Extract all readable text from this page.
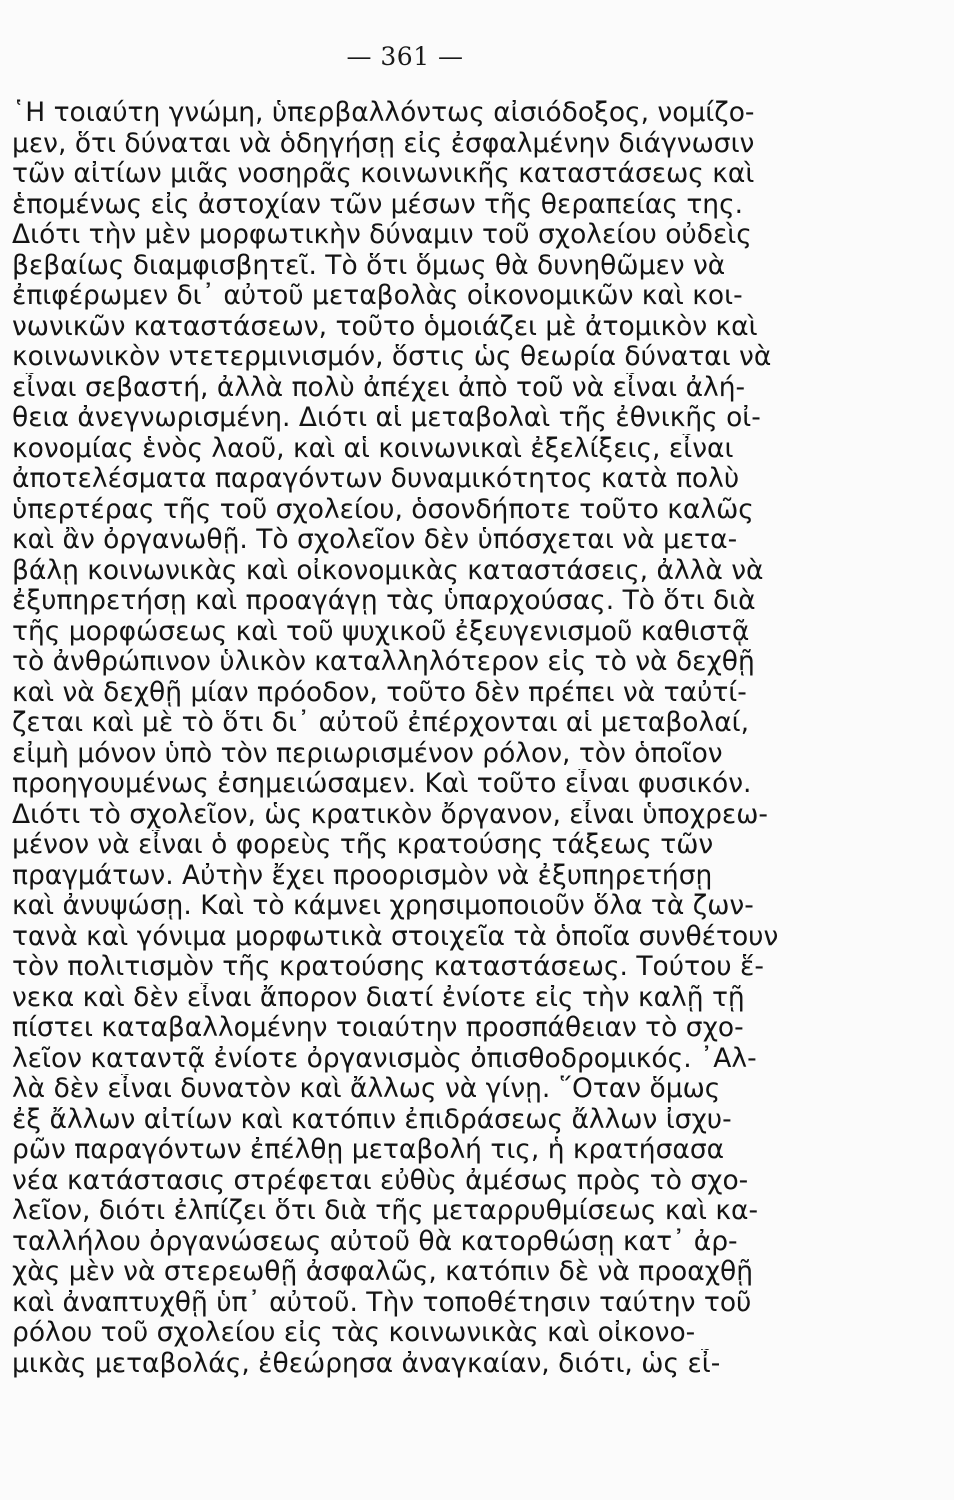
— 361 —
῾Η τοιαύτη γνώμη, ὑπερβαλλόντως αἰσιόδοξος, νομίζο-
μεν, ὅτι δύναται νὰ ὁδηγήσῃ εἰς ἐσφαλμένην διάγνωσιν
τῶν αἰτίων μιᾶς νοσηρᾶς κοινωνικῆς καταστάσεως καὶ
ἑπομένως εἰς ἀστοχίαν τῶν μέσων τῆς θεραπείας της.
Διότι τὴν μὲν μορφωτικὴν δύναμιν τοῦ σχολείου οὐδεὶς
βεβαίως διαμφισβητεῖ. Τὸ ὅτι ὅμως θὰ δυνηθῶμεν νὰ
ἐπιφέρωμεν δι᾽ αὐτοῦ μεταβολὰς οἰκονομικῶν καὶ κοι-
νωνικῶν καταστάσεων, τοῦτο ὁμοιάζει μὲ ἀτομικὸν καὶ
κοινωνικὸν ντετερμινισμόν, ὅστις ὡς θεωρία δύναται νὰ
εἶναι σεβαστή, ἀλλὰ πολὺ ἀπέχει ἀπὸ τοῦ νὰ εἶναι ἀλή-
θεια ἀνεγνωρισμένη. Διότι αἱ μεταβολαὶ τῆς ἐθνικῆς οἰ-
κονομίας ἑνὸς λαοῦ, καὶ αἱ κοινωνικαὶ ἐξελίξεις, εἶναι
ἀποτελέσματα παραγόντων δυναμικότητος κατὰ πολὺ
ὑπερτέρας τῆς τοῦ σχολείου, ὁσονδήποτε τοῦτο καλῶς
καὶ ἂν ὀργανωθῇ. Τὸ σχολεῖον δὲν ὑπόσχεται νὰ μετα-
βάλῃ κοινωνικὰς καὶ οἰκονομικὰς καταστάσεις, ἀλλὰ νὰ
ἐξυπηρετήσῃ καὶ προαγάγῃ τὰς ὑπαρχούσας. Τὸ ὅτι διὰ
τῆς μορφώσεως καὶ τοῦ ψυχικοῦ ἐξευγενισμοῦ καθιστᾷ
τὸ ἀνθρώπινον ὑλικὸν καταλληλότερον εἰς τὸ νὰ δεχθῇ
καὶ νὰ δεχθῇ μίαν πρόοδον, τοῦτο δὲν πρέπει νὰ ταὐτί-
ζεται καὶ μὲ τὸ ὅτι δι᾽ αὐτοῦ ἐπέρχονται αἱ μεταβολαί,
εἰμὴ μόνον ὑπὸ τὸν περιωρισμένον ρόλον, τὸν ὁποῖον
προηγουμένως ἐσημειώσαμεν. Καὶ τοῦτο εἶναι φυσικόν.
Διότι τὸ σχολεῖον, ὡς κρατικὸν ὄργανον, εἶναι ὑποχρεω-
μένον νὰ εἶναι ὁ φορεὺς τῆς κρατούσης τάξεως τῶν
πραγμάτων. Αὐτὴν ἔχει προορισμὸν νὰ ἐξυπηρετήσῃ
καὶ ἀνυψώσῃ. Καὶ τὸ κάμνει χρησιμοποιοῦν ὅλα τὰ ζων-
τανὰ καὶ γόνιμα μορφωτικὰ στοιχεῖα τὰ ὁποῖα συνθέτουν
τὸν πολιτισμὸν τῆς κρατούσης καταστάσεως. Τούτου ἕ-
νεκα καὶ δὲν εἶναι ἄπορον διατί ἐνίοτε εἰς τὴν καλῇ τῇ
πίστει καταβαλλομένην τοιαύτην προσπάθειαν τὸ σχο-
λεῖον καταντᾷ ἐνίοτε ὀργανισμὸς ὀπισθοδρομικός. ᾽Αλ-
λὰ δὲν εἶναι δυνατὸν καὶ ἄλλως νὰ γίνῃ. ῞Οταν ὅμως
ἐξ ἄλλων αἰτίων καὶ κατόπιν ἐπιδράσεως ἄλλων ἰσχυ-
ρῶν παραγόντων ἐπέλθῃ μεταβολή τις, ἡ κρατήσασα
νέα κατάστασις στρέφεται εὐθὺς ἀμέσως πρὸς τὸ σχο-
λεῖον, διότι ἐλπίζει ὅτι διὰ τῆς μεταρρυθμίσεως καὶ κα-
ταλλήλου ὀργανώσεως αὐτοῦ θὰ κατορθώσῃ κατ᾽ ἀρ-
χὰς μὲν νὰ στερεωθῇ ἀσφαλῶς, κατόπιν δὲ νὰ προαχθῇ
καὶ ἀναπτυχθῇ ὑπ᾽ αὐτοῦ. Τὴν τοποθέτησιν ταύτην τοῦ
ρόλου τοῦ σχολείου εἰς τὰς κοινωνικὰς καὶ οἰκονο-
μικὰς μεταβολάς, ἐθεώρησα ἀναγκαίαν, διότι, ὡς εἶ-
